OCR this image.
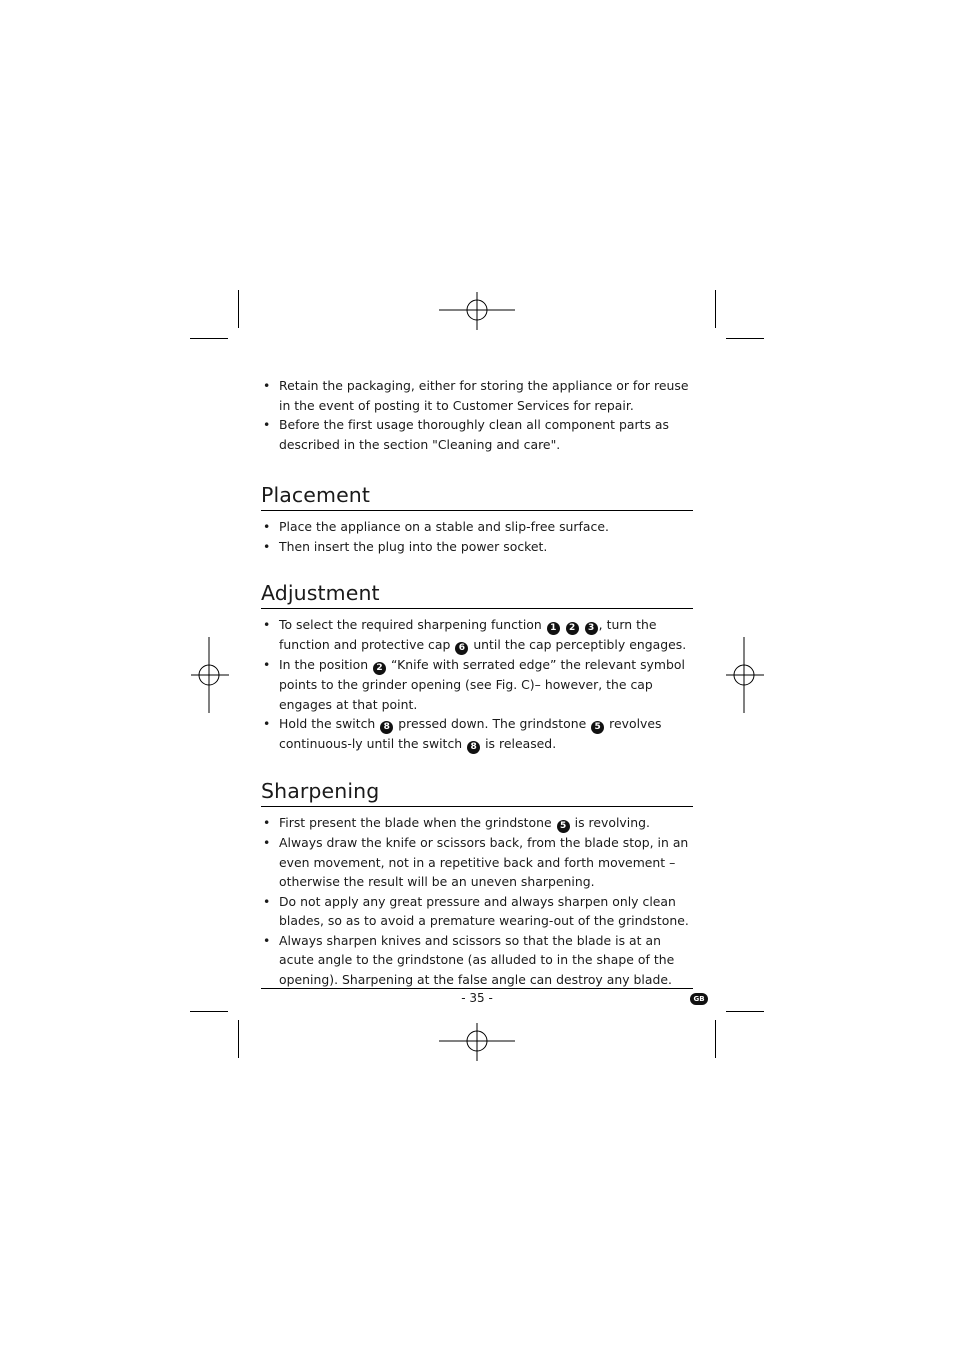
• Retain the packaging, either for storing the appliance or for reuse in the event of posting it to Customer Services for repair.
• Before the first usage thoroughly clean all component parts as described in the section "Cleaning and care".
Placement
• Place the appliance on a stable and slip-free surface.
• Then insert the plug into the power socket.
Adjustment
• To select the required sharpening function 1 2 3 , turn the function and protective cap 6 until the cap perceptibly engages.
• In the position 2 “Knife with serrated edge” the relevant symbol points to the grinder opening (see Fig. C)– however, the cap engages at that point.
• Hold the switch 8 pressed down. The grindstone 5 revolves continuous-ly until the switch 8 is released.
Sharpening
• First present the blade when the grindstone 5 is revolving.
• Always draw the knife or scissors back, from the blade stop, in an even movement, not in a repetitive back and forth movement – otherwise the result will be an uneven sharpening.
• Do not apply any great pressure and always sharpen only clean blades, so as to avoid a premature wearing-out of the grindstone.
• Always sharpen knives and scissors so that the blade is at an acute angle to the grindstone (as alluded to in the shape of the opening). Sharpening at the false angle can destroy any blade.
- 35 -	GB
